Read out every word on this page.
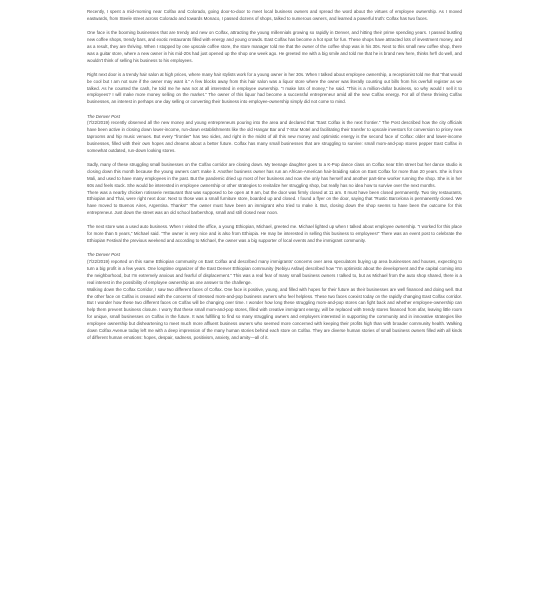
Recently, I spent a mid-morning near Colfax and Colorado, going door-to-door to meet local business owners and spread the word about the virtues of employee ownership. As I moved eastwards, from Steele street across Colorado and towards Monaco, I passed dozens of shops, talked to numerous owners, and learned a powerful truth: Colfax has two faces.

One face is the booming businesses that are trendy and new on Colfax, attracting the young millennials growing so rapidly in Denver, and hitting their prime spending years. I passed bustling new coffee shops, trendy bars, and exotic restaurants filled with energy and young crowds. East Colfax has become a hot spot for fun. These shops have attracted lots of investment money, and as a result, they are thriving. When I stopped by one upscale coffee store, the store manager told me that the owner of the coffee shop was in his 30s. Next to this small new coffee shop, there was a guitar store, where a new owner in his mid-20s had just opened up the shop one week ago. He greeted me with a big smile and told me that he is brand new here, thinks he'll do well, and wouldn't think of selling his business to his employees.

Right next door is a trendy hair salon at high prices, where many hair stylists work for a young owner in her 30s. When I talked about employee ownership, a receptionist told me that "that would be cool but I am not sure if the owner may want it." A few blocks away from this hair salon was a liquor store where the owner was literally counting out bills from his overfull register as we talked. As he counted the cash, he told me he was not at all interested in employee ownership. "I make lots of money," he said. "This is a million-dollar business, so why would I sell it to employees? I will make more money selling on the market." The owner of this liquor had become a successful entrepreneur amid all the new Colfax energy. For all of these thriving Colfax businesses, an interest in perhaps one day selling or converting their business into employee-ownership simply did not come to mind.

The Denver Post

(7/22/2019) recently observed all the new money and young entrepreneurs pouring into the area and declared that "East Colfax is the next frontier." The Post described how the city officials have been active in closing down lower-income, run-down establishments like the old Hangar Bar and 7-Star Motel and facilitating their transfer to upscale investors for conversion to pricey new taprooms and hip music venues. But every "frontier" has two sides, and right in the midst of all this new money and optimistic energy is the second face of Colfax: older and lower-income businesses, filled with their own hopes and dreams about a better future. Colfax has many small businesses that are struggling to survive: small mom-and-pop stores pepper East Colfax in somewhat outdated, run-down looking stores.

Sadly, many of these struggling small businesses on the Colfax corridor are closing down. My teenage daughter goes to a K-Pop dance class on Colfax near Elm street but her dance studio is closing down this month because the young owners can't make it. Another business owner has run an African-American hair-braiding salon on East Colfax for more than 20 years. She is from Mali, and used to have many employees in the past. But the pandemic dried up most of her business and now she only has herself and another part-time worker running the shop. She is in her 60s and feels stuck. She would be interested in employee ownership or other strategies to revitalize her struggling shop, but really has no idea how to survive over the next months.

There was a nearby chicken rotisserie restaurant that was supposed to be open at 9 am, but the door was firmly closed at 11 am. It must have been closed permanently. Two tiny restaurants, Ethiopian and Thai, were right next door. Next to those was a small furniture store, boarded up and closed. I found a flyer on the door, saying that "Rustic Barcelona is permanently closed. We have moved to Buenos Aires, Argentina. Thanks!" The owner must have been an immigrant who tried to make it. But, closing down the shop seems to have been the outcome for this entrepreneur. Just down the street was an old school barbershop, small and still closed near noon.

The next store was a used auto business. When I visited the office, a young Ethiopian, Michael, greeted me. Michael lighted up when I talked about employee ownership. "I worked for this place for more than 5 years," Michael said. "The owner is very nice and is also from Ethiopia. He may be interested in selling this business to employees!" There was an event post to celebrate the Ethiopian Festival the previous weekend and according to Michael, the owner was a big supporter of local events and the immigrant community.

The Denver Post

(7/22/2019) reported on this same Ethiopian community on East Colfax and described many immigrants' concerns over area speculators buying up area businesses and houses, expecting to turn a big profit in a few years. One longtime organizer of the East Denver Ethiopian community (Nebiyu Asfaw) described how "I'm optimistic about the development and the capital coming into the neighborhood, but I'm extremely anxious and fearful of displacement." This was a real fear of many small business owners I talked to, but as Michael from the auto shop shared, there is a real interest in the possibility of employee ownership as one answer to the challenge.

Walking down the Colfax Corridor, I saw two different faces of Colfax. One face is positive, young, and filled with hopes for their future as their businesses are well financed and doing well. But the other face on Colfax is creased with the concerns of stressed mom-and-pop business owners who feel helpless. These two faces coexist today on the rapidly changing East Colfax corridor. But I wonder how these two different faces on Colfax will be changing over time. I wonder how long these struggling mom-and-pop stores can fight back and whether employee-ownership can help them prevent business closure. I worry that these small mom-and-pop stores, filled with creative immigrant energy, will be replaced with trendy stores financed from afar, leaving little room for unique, small businesses on Colfax in the future. It was fulfilling to find so many struggling owners and employers interested in supporting the community and in innovative strategies like employee ownership but disheartening to meet much more affluent business owners who seemed more concerned with keeping their profits high than with broader community health. Walking down Colfax Avenue today left me with a deep impression of the many human stories behind each store on Colfax. They are diverse human stories of small business owners filled with all kinds of different human emotions: hopes, despair, sadness, positivism, anxiety, and amity—all of it.
